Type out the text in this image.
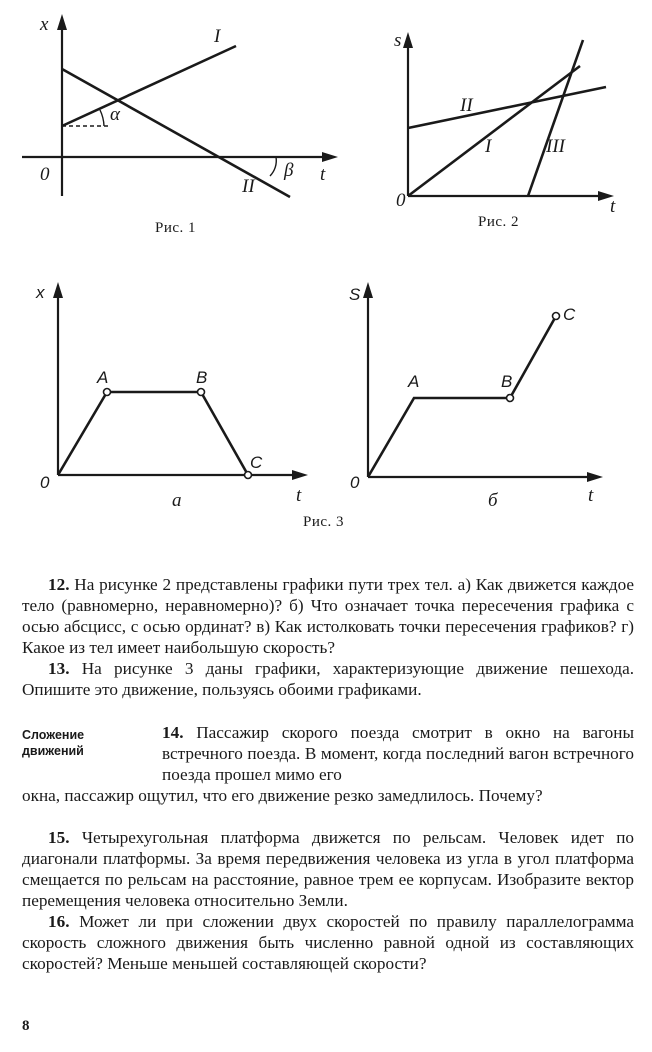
x
t
0
I
II
α
β
Рис. 1
s
t
0
II
I	III
Рис. 2
x
t
0
A	B
C
а
S
t
0
A	B
C
б
Рис. 3

12. На рисунке 2 представлены графики пути трех тел. а) Как движется каждое тело (равномерно, неравномерно)? б) Что означает точка пересечения графика с осью абсцисс, с осью ординат? в) Как истолковать точки пересечения графиков? г) Какое из тел имеет наибольшую скорость?

13. На рисунке 3 даны графики, характеризующие движение пешехода. Опишите это движение, пользуясь обоими графиками.

Сложение
движений
14. Пассажир скорого поезда смотрит в окно на вагоны встречного поезда. В момент, когда последний вагон встречного поезда прошел мимо его
окна, пассажир ощутил, что его движение резко замедлилось. Почему?

15. Четырехугольная платформа движется по рельсам. Человек идет по диагонали платформы. За время передвижения человека из угла в угол платформа смещается по рельсам на расстояние, равное трем ее корпусам. Изобразите вектор перемещения человека относительно Земли.

16. Может ли при сложении двух скоростей по правилу параллелограмма скорость сложного движения быть численно равной одной из составляющих скоростей? Меньше меньшей составляющей скорости?

8
